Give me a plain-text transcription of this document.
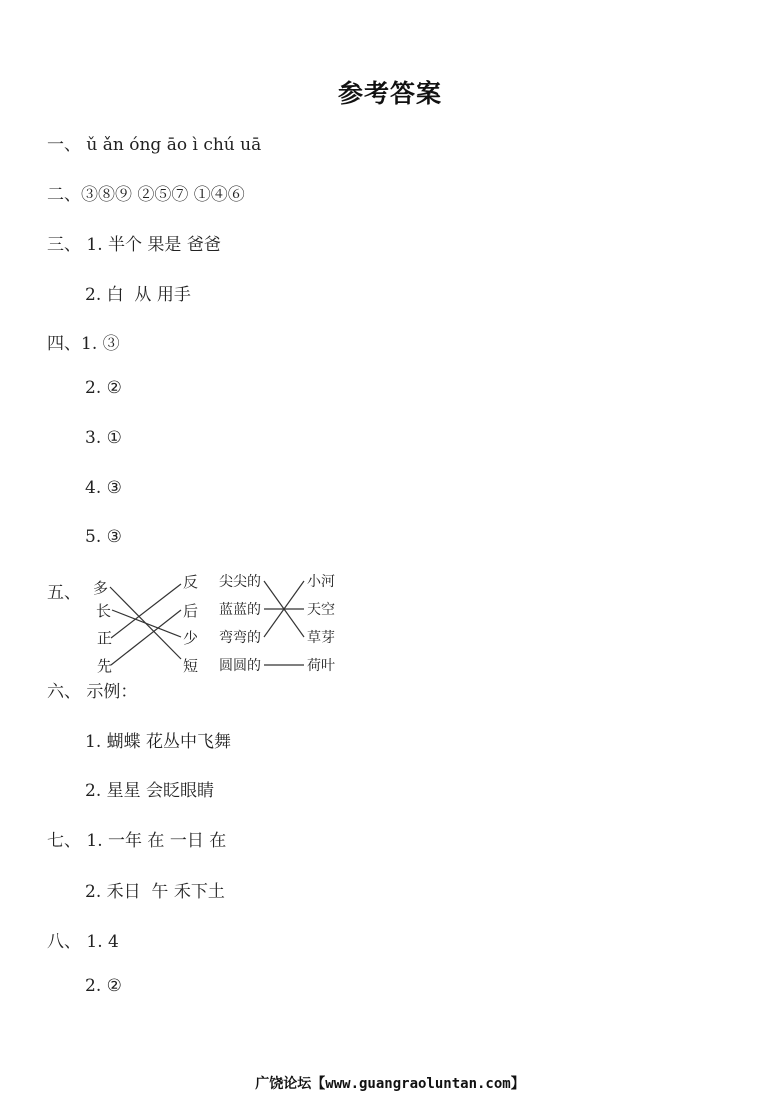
参考答案
一、 ǔ ǎn óng āo ì chú uā
二、③⑧⑨ ②⑤⑦ ①④⑥
三、 1. 半个 果是 爸爸
2. 白  从 用手
四、1. ③
2. ②
3. ①
4. ③
5. ③
五、 多
长
正
先
反
后
少
短
尖尖的
蓝蓝的
弯弯的
圆圆的
小河
天空
草芽
荷叶
六、 示例：
1. 蝴蝶 花丛中飞舞
2. 星星 会眨眼睛
七、 1. 一年 在 一日 在
2. 禾日  午 禾下土
八、 1. 4
2. ②
广饶论坛【www.guangraoluntan.com】
